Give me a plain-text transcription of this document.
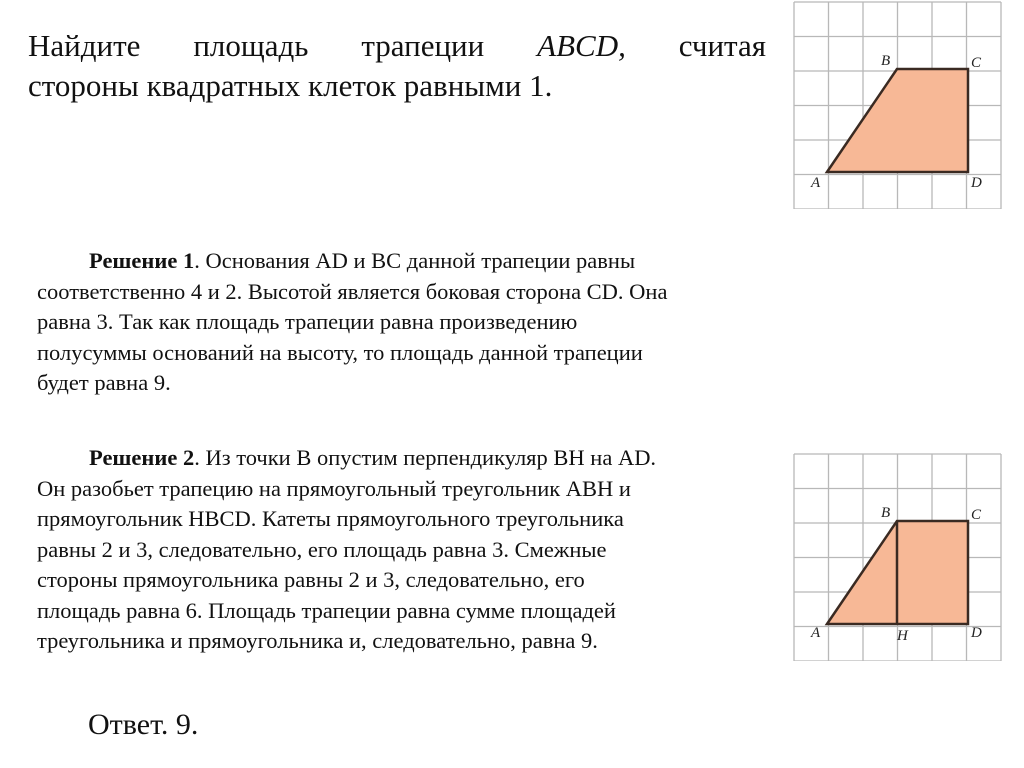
Найдите площадь трапеции ABCD, считая
стороны квадратных клеток равными 1.
A
B	C
D
Решение 1. Основания AD и BC данной трапеции равны
соответственно 4 и 2. Высотой является боковая сторона CD. Она
равна 3. Так как площадь трапеции равна произведению
полусуммы оснований на высоту, то площадь данной трапеции
будет равна 9.
Решение 2. Из точки B опустим перпендикуляр BH на AD.
Он разобьет трапецию на прямоугольный треугольник ABH и
прямоугольник HBCD. Катеты прямоугольного треугольника
равны 2 и 3, следовательно, его площадь равна 3. Смежные
стороны прямоугольника равны 2 и 3, следовательно, его
площадь равна 6. Площадь трапеции равна сумме площадей
треугольника и прямоугольника и, следовательно, равна 9.	A
B	C
D
H
Ответ. 9.
